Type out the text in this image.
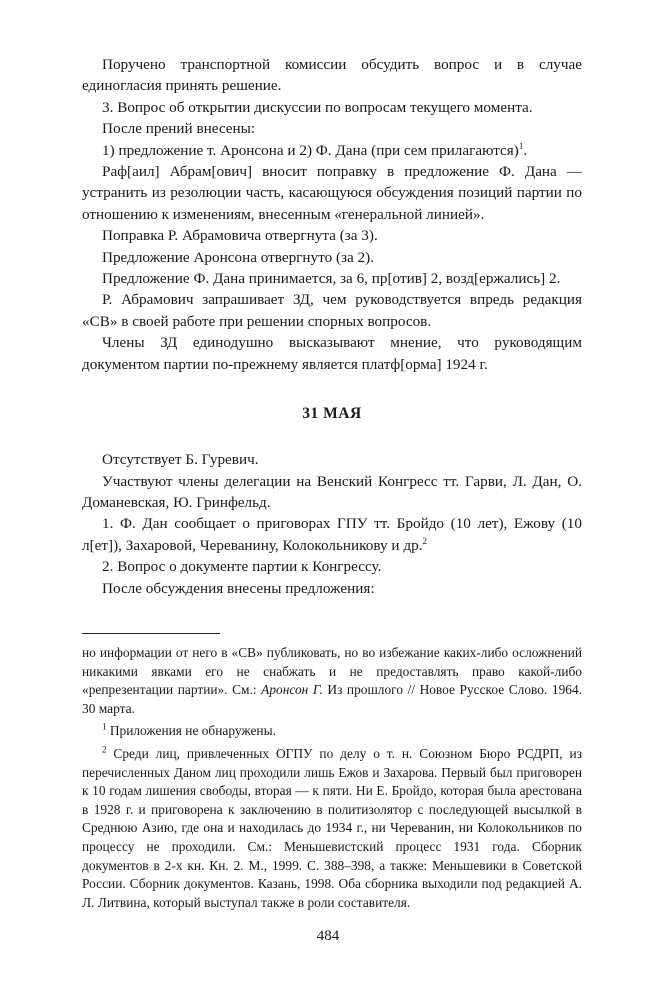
Поручено транспортной комиссии обсудить вопрос и в случае единогласия принять решение.

3. Вопрос об открытии дискуссии по вопросам текущего момента.

После прений внесены:

1) предложение т. Аронсона и 2) Ф. Дана (при сем прилагаются)$^1$.

Раф[аил] Абрам[ович] вносит поправку в предложение Ф. Дана — устранить из резолюции часть, касающуюся обсуждения позиций партии по отношению к изменениям, внесенным «генеральной линией».

Поправка Р. Абрамовича отвергнута (за 3).

Предложение Аронсона отвергнуто (за 2).

Предложение Ф. Дана принимается, за 6, пр[отив] 2, возд[ержались] 2.

Р. Абрамович запрашивает ЗД, чем руководствуется впредь редакция «СВ» в своей работе при решении спорных вопросов.

Члены ЗД единодушно высказывают мнение, что руководящим документом партии по-прежнему является платф[орма] 1924 г.

31 МАЯ

Отсутствует Б. Гуревич.

Участвуют члены делегации на Венский Конгресс тт. Гарви, Л. Дан, О. Доманевская, Ю. Гринфельд.

1. Ф. Дан сообщает о приговорах ГПУ тт. Бройдо (10 лет), Ежову (10 л[ет]), Захаровой, Череванину, Колокольникову и др.$^2$

2. Вопрос о документе партии к Конгрессу.

После обсуждения внесены предложения:

но информации от него в «СВ» публиковать, но во избежание каких-либо осложнений никакими явками его не снабжать и не предоставлять право какой-либо «репрезентации партии». См.: Аронсон Г. Из прошлого // Новое Русское Слово. 1964. 30 марта.

$^1$ Приложения не обнаружены.

$^2$ Среди лиц, привлеченных ОГПУ по делу о т. н. Союзном Бюро РСДРП, из перечисленных Даном лиц проходили лишь Ежов и Захарова. Первый был приговорен к 10 годам лишения свободы, вторая — к пяти. Ни Е. Бройдо, которая была арестована в 1928 г. и приговорена к заключению в политизолятор с последующей высылкой в Среднюю Азию, где она и находилась до 1934 г., ни Череванин, ни Колокольников по процессу не проходили. См.: Меньшевистский процесс 1931 года. Сборник документов в 2-х кн. Кн. 2. М., 1999. С. 388–398, а также: Меньшевики в Советской России. Сборник документов. Казань, 1998. Оба сборника выходили под редакцией А. Л. Литвина, который выступал также в роли составителя.

484
